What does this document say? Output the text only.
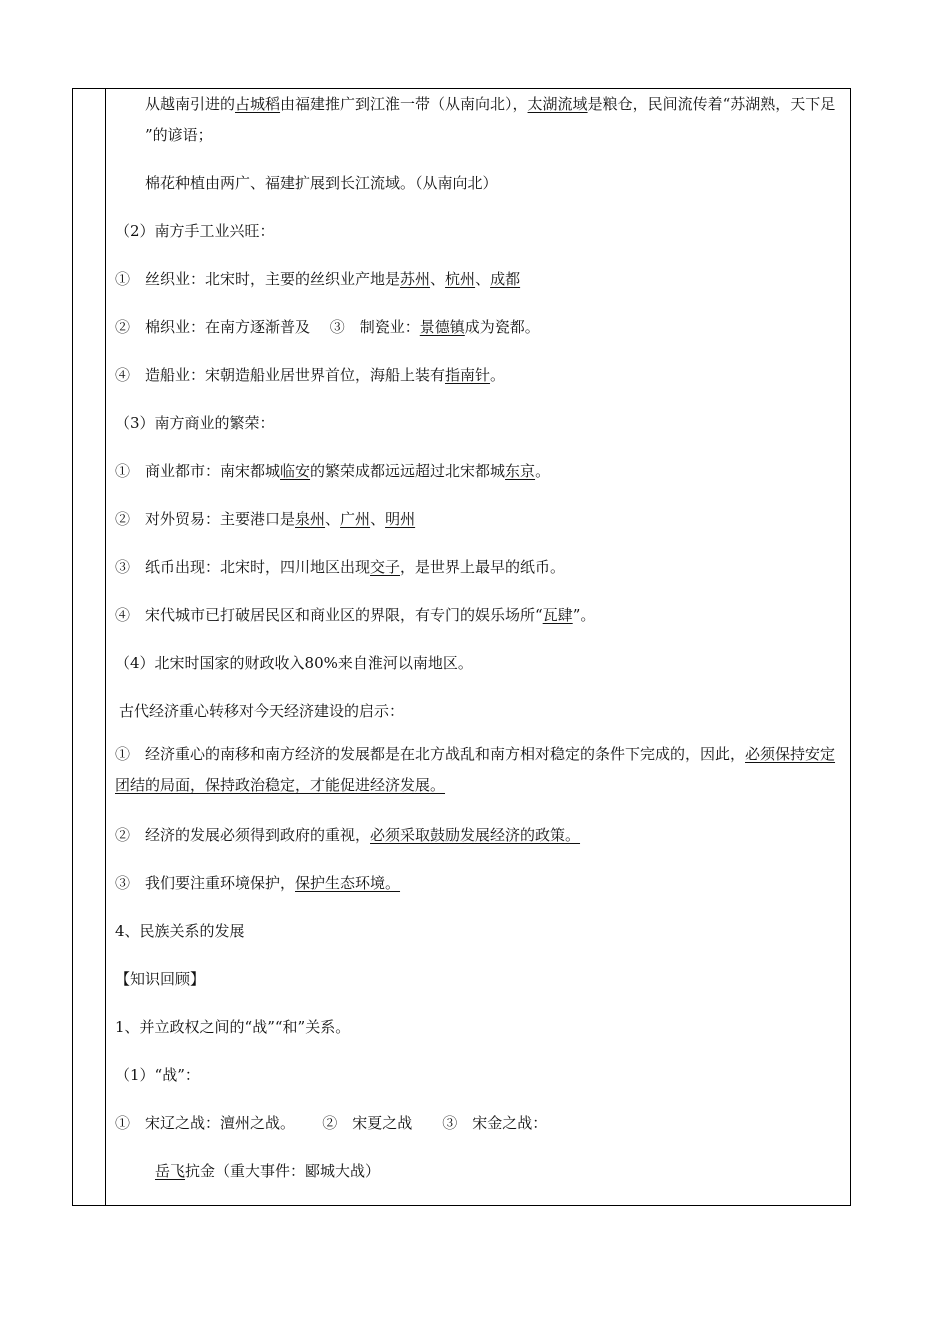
从越南引进的占城稻由福建推广到江淮一带（从南向北），太湖流域是粮仓，民间流传着“苏湖熟，天下足 ”的谚语；
棉花种植由两广、福建扩展到长江流域。（从南向北）
（2）南方手工业兴旺：
①　丝织业：北宋时，主要的丝织业产地是苏州、杭州、成都
②　棉织业：在南方逐渐普及　 ③　制瓷业：景德镇成为瓷都。
④　造船业：宋朝造船业居世界首位，海船上装有指南针。
（3）南方商业的繁荣：
①　商业都市：南宋都城临安的繁荣成都远远超过北宋都城东京。
②　对外贸易：主要港口是泉州、广州、明州
③　纸币出现：北宋时，四川地区出现交子，是世界上最早的纸币。
④　宋代城市已打破居民区和商业区的界限，有专门的娱乐场所“瓦肆”。
（4）北宋时国家的财政收入80%来自淮河以南地区。
古代经济重心转移对今天经济建设的启示：
①　经济重心的南移和南方经济的发展都是在北方战乱和南方相对稳定的条件下完成的，因此，必须保持安定团结的局面，保持政治稳定，才能促进经济发展。
②　经济的发展必须得到政府的重视，必须采取鼓励发展经济的政策。
③　我们要注重环境保护，保护生态环境。
4、民族关系的发展
【知识回顾】
1、并立政权之间的“战”“和”关系。
（1）“战”：
①　宋辽之战：澶州之战。　　 ②　宋夏之战　　③　宋金之战：
岳飞抗金（重大事件：郾城大战）
